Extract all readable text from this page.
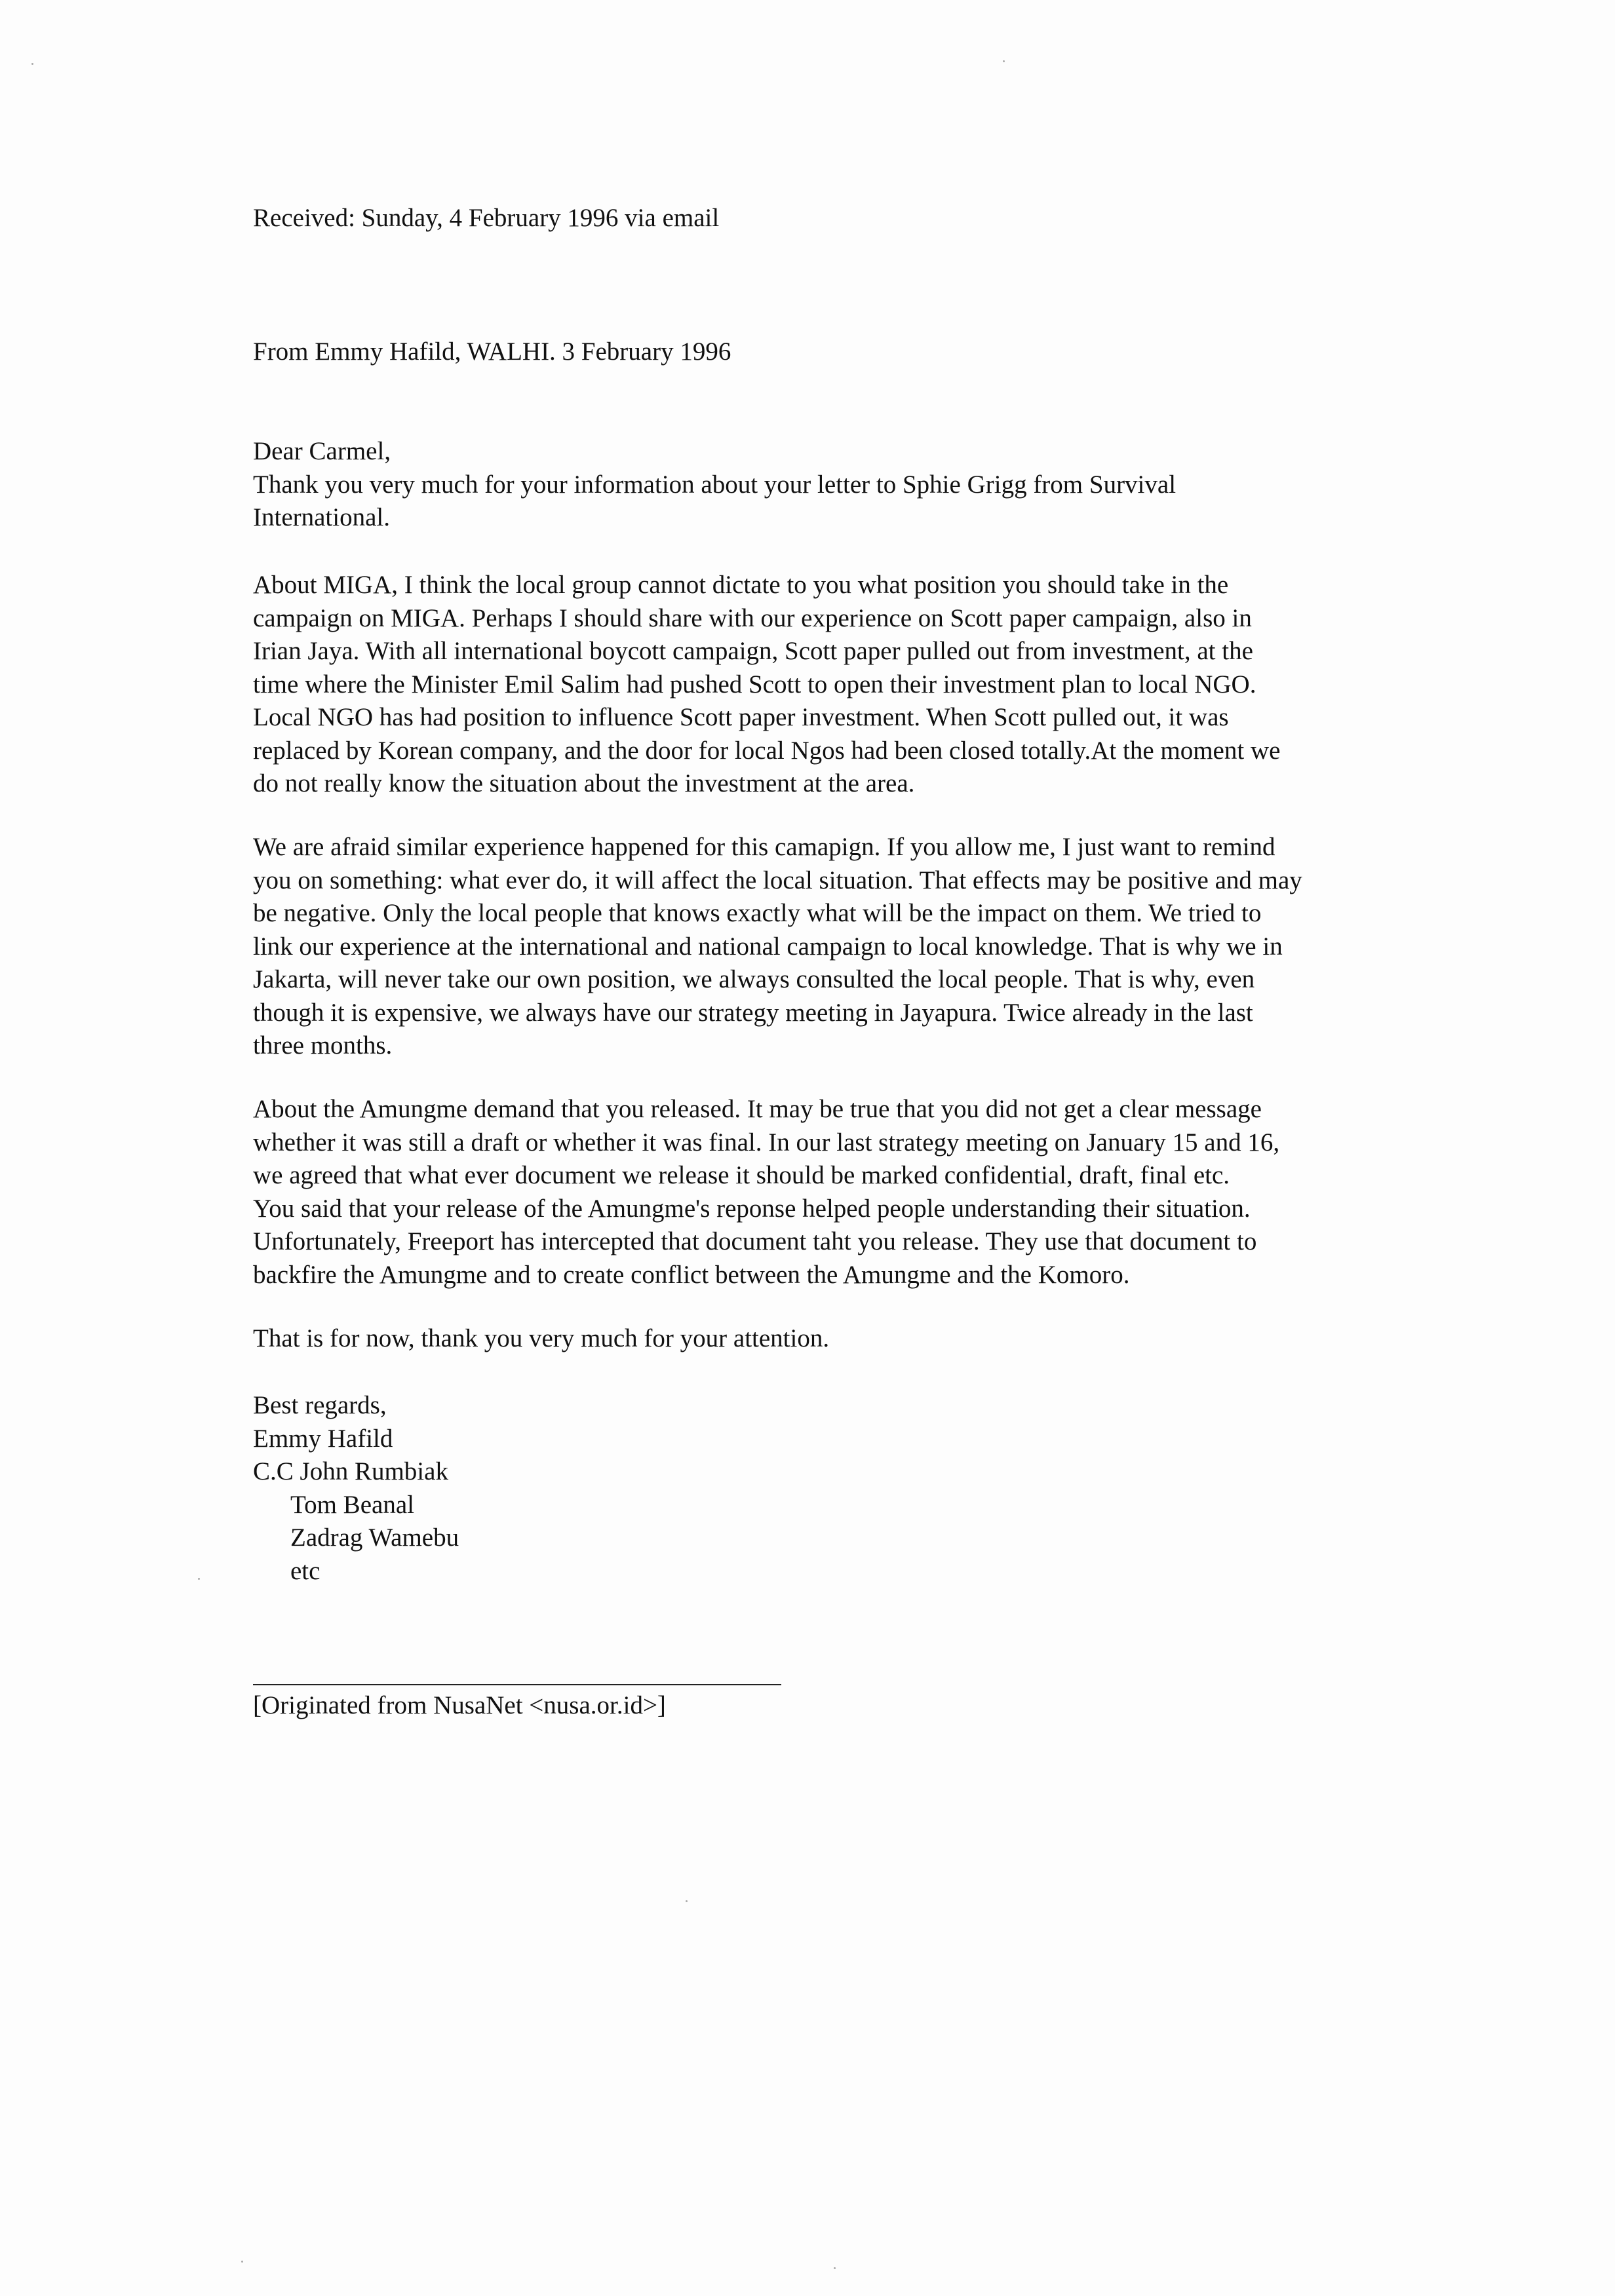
Received: Sunday, 4 February 1996 via email
From Emmy Hafild, WALHI. 3 February 1996
Dear Carmel,
Thank you very much for your information about your letter to Sphie Grigg from Survival
International.
About MIGA, I think the local group cannot dictate to you what position you should take in the
campaign on MIGA. Perhaps I should share with our experience on Scott paper campaign, also in
Irian Jaya. With all international boycott campaign, Scott paper pulled out from investment, at the
time where the Minister Emil Salim had pushed Scott to open their investment plan to local NGO.
Local NGO has had position to influence Scott paper investment. When Scott pulled out, it was
replaced by Korean company, and the door for local Ngos had been closed totally.At the moment we
do not really know the situation about the investment at the area.
We are afraid similar experience happened for this camapign. If you allow me, I just want to remind
you on something: what ever do, it will affect the local situation. That effects may be positive and may
be negative. Only the local people that knows exactly what will be the impact on them. We tried to
link our experience at the international and national campaign to local knowledge. That is why we in
Jakarta, will never take our own position, we always consulted the local people. That is why, even
though it is expensive, we always have our strategy meeting in Jayapura. Twice already in the last
three months.
About the Amungme demand that you released. It may be true that you did not get a clear message
whether it was still a draft or whether it was final. In our last strategy meeting on January 15 and 16,
we agreed that what ever document we release it should be marked confidential, draft, final etc.
You said that your release of the Amungme's reponse helped people understanding their situation.
Unfortunately, Freeport has intercepted that document taht you release. They use that document to
backfire the Amungme and to create conflict between the Amungme and the Komoro.
That is for now, thank you very much for your attention.
Best regards,
Emmy Hafild
C.C John Rumbiak
Tom Beanal
Zadrag Wamebu
etc
[Originated from NusaNet <nusa.or.id>]
